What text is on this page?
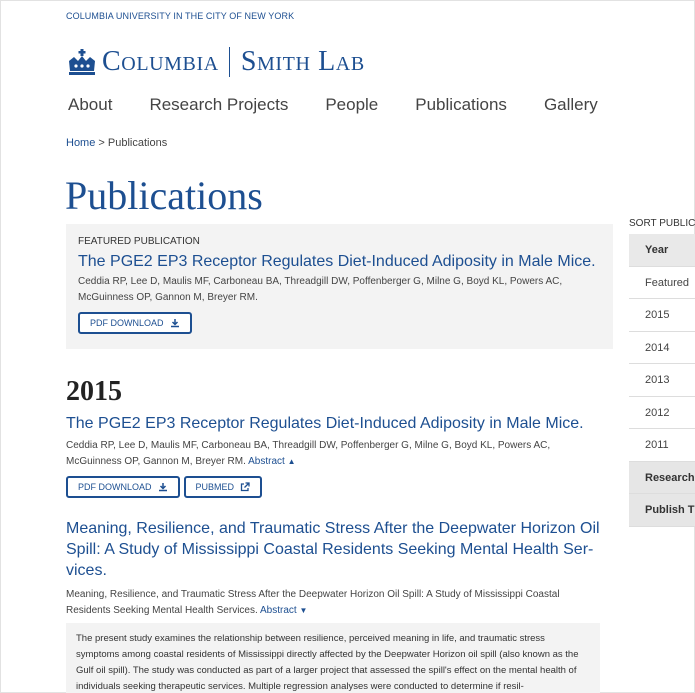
COLUMBIA UNIVERSITY IN THE CITY OF NEW YORK
Columbia Smith Lab
About Research Projects People Publications Gallery
Home > Publications
Publications
FEATURED PUBLICATION
The PGE2 EP3 Receptor Regulates Diet-Induced Adiposity in Male Mice.
Ceddia RP, Lee D, Maulis MF, Carboneau BA, Threadgill DW, Poffenberger G, Milne G, Boyd KL, Powers AC, McGuinness OP, Gannon M, Breyer RM.
PDF DOWNLOAD
2015
The PGE2 EP3 Receptor Regulates Diet-Induced Adiposity in Male Mice.
Ceddia RP, Lee D, Maulis MF, Carboneau BA, Threadgill DW, Poffenberger G, Milne G, Boyd KL, Powers AC, McGuinness OP, Gannon M, Breyer RM. Abstract ▲
PDF DOWNLOAD	PUBMED
Meaning, Resilience, and Traumatic Stress After the Deepwater Horizon Oil Spill: A Study of Mississippi Coastal Residents Seeking Mental Health Ser-vices.
Meaning, Resilience, and Traumatic Stress After the Deepwater Horizon Oil Spill: A Study of Mississippi Coastal Residents Seeking Mental Health Services. Abstract ▼
The present study examines the relationship between resilience, perceived meaning in life, and traumatic stress symptoms among coastal residents of Mississippi directly affected by the Deepwater Horizon oil spill (also known as the Gulf oil spill). The study was conducted as part of a larger project that assessed the spill's effect on the mental health of individuals seeking therapeutic services. Multiple regression analyses were conducted to determine if resil-
SORT PUBLIC
Year
Featured
2015
2014
2013
2012
2011
Research
Publish T
